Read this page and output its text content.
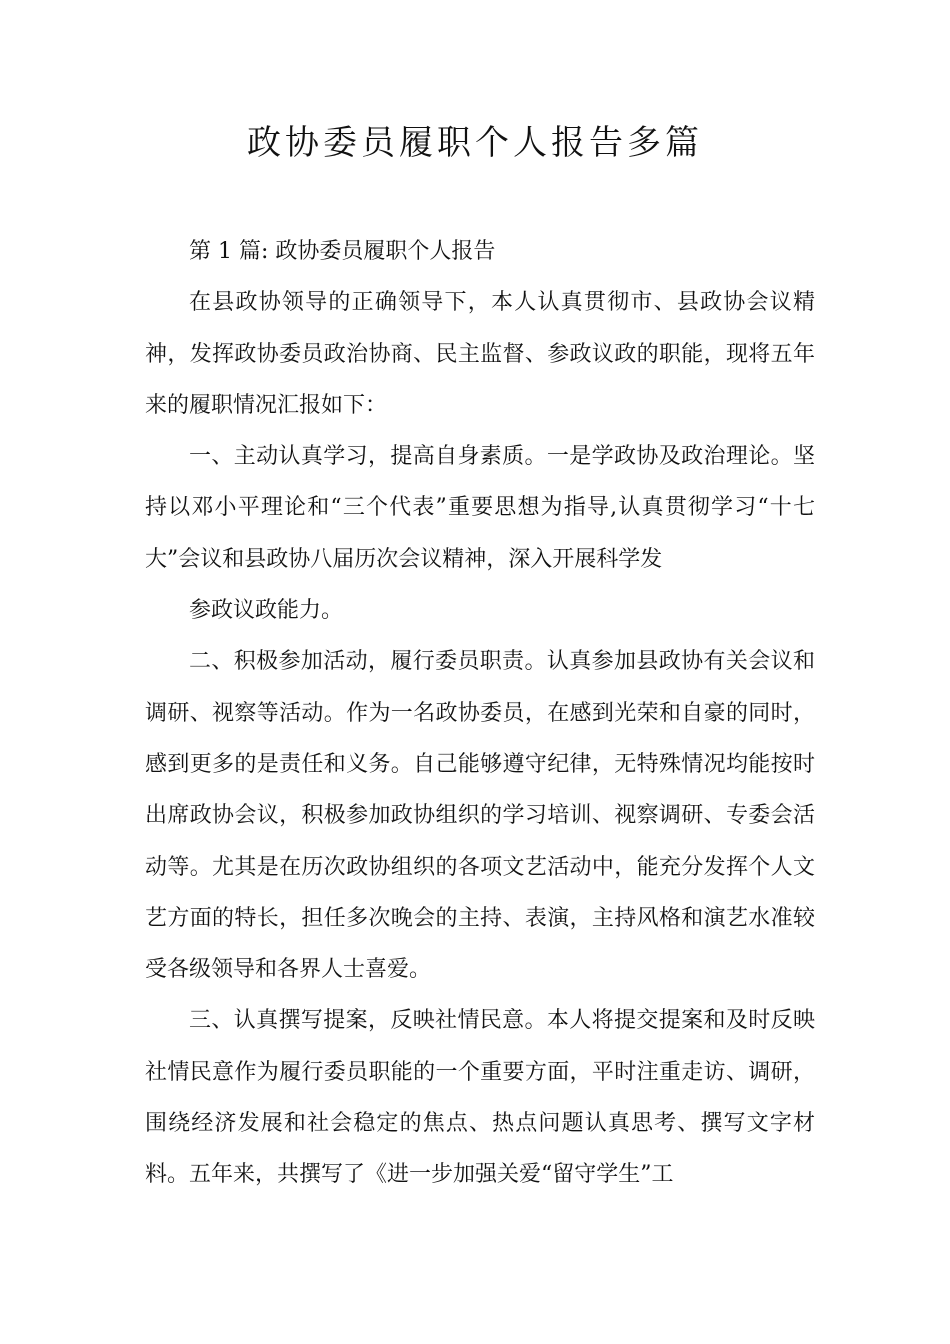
政协委员履职个人报告多篇

第 1 篇: 政协委员履职个人报告

在县政协领导的正确领导下，本人认真贯彻市、县政协会议精神，发挥政协委员政治协商、民主监督、参政议政的职能，现将五年来的履职情况汇报如下：

一、主动认真学习，提高自身素质。一是学政协及政治理论。坚持以邓小平理论和“三个代表”重要思想为指导,认真贯彻学习“十七大”会议和县政协八届历次会议精神，深入开展科学发

参政议政能力。

二、积极参加活动，履行委员职责。认真参加县政协有关会议和调研、视察等活动。作为一名政协委员，在感到光荣和自豪的同时，感到更多的是责任和义务。自己能够遵守纪律，无特殊情况均能按时出席政协会议，积极参加政协组织的学习培训、视察调研、专委会活动等。尤其是在历次政协组织的各项文艺活动中，能充分发挥个人文艺方面的特长，担任多次晚会的主持、表演，主持风格和演艺水准较受各级领导和各界人士喜爱。

三、认真撰写提案，反映社情民意。本人将提交提案和及时反映社情民意作为履行委员职能的一个重要方面，平时注重走访、调研，围绕经济发展和社会稳定的焦点、热点问题认真思考、撰写文字材料。五年来，共撰写了《进一步加强关爱“留守学生”工
